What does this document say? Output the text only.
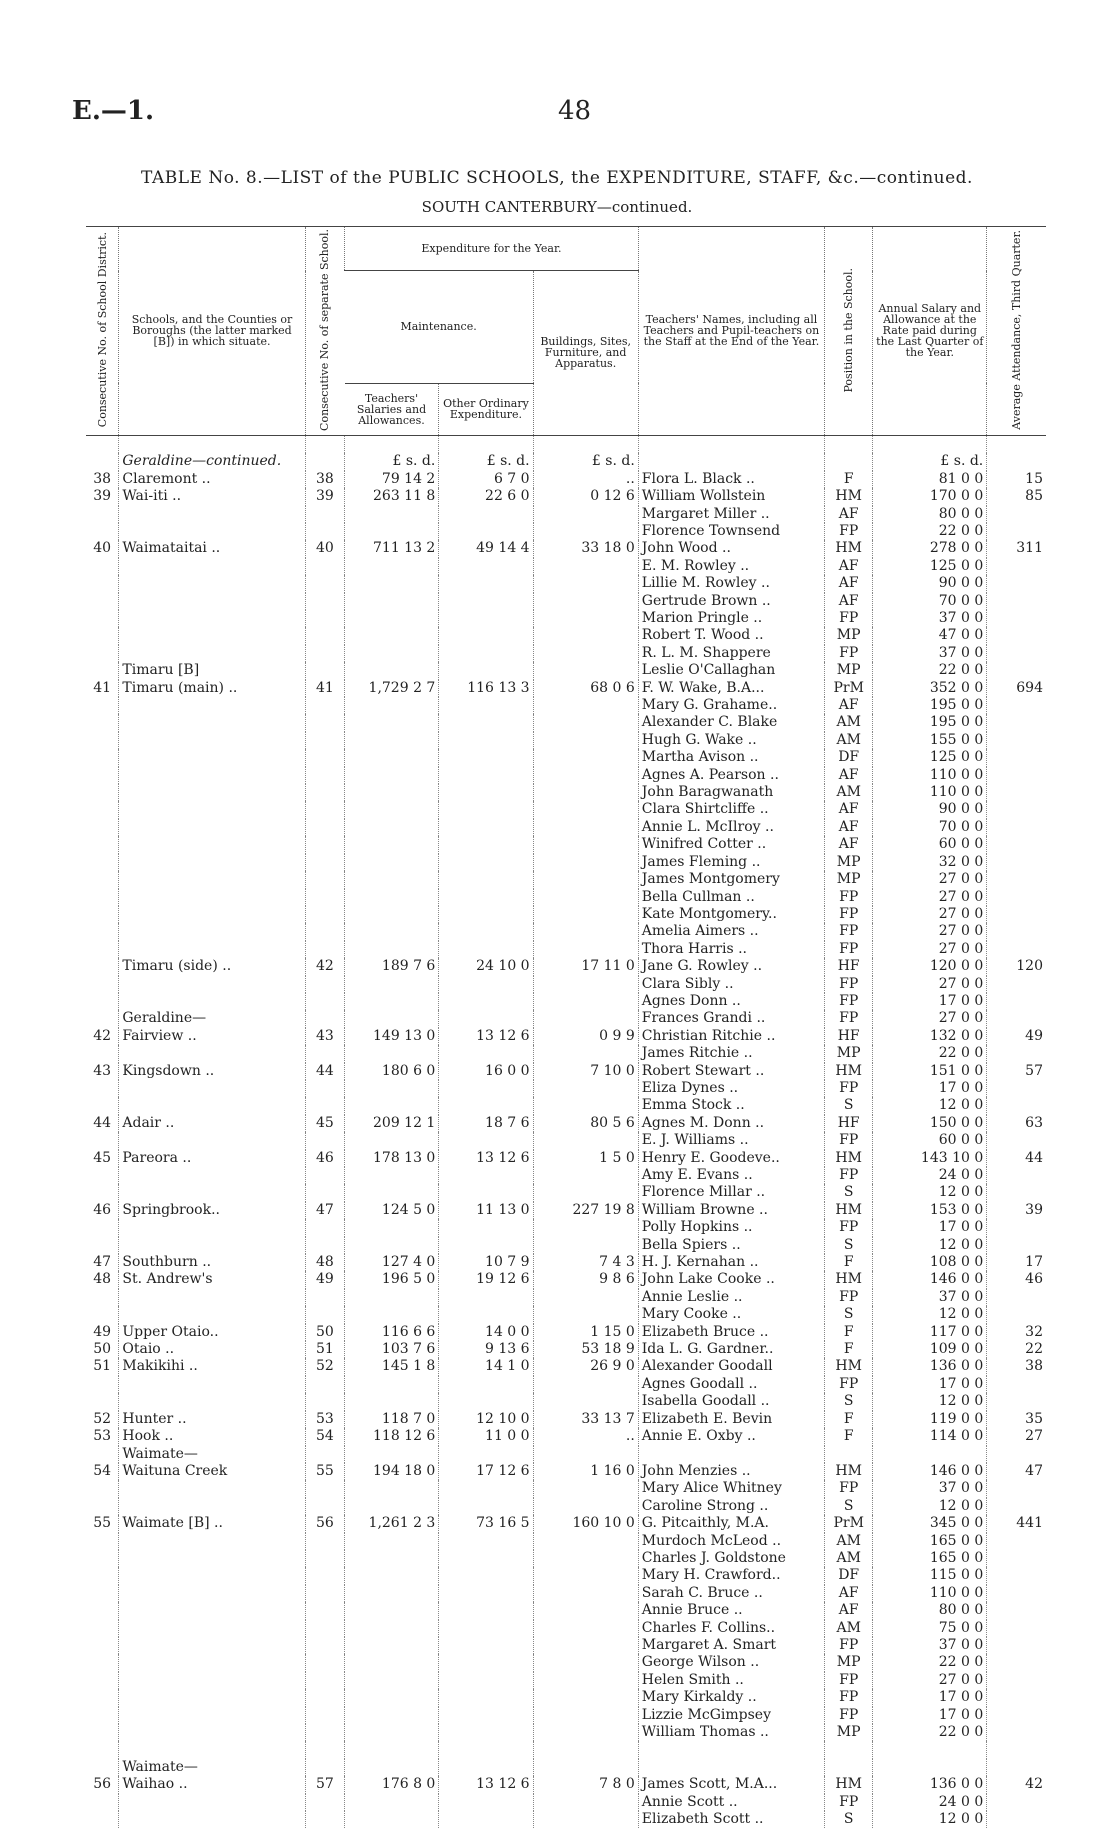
E.—1.	48
TABLE No. 8.—LIST of the PUBLIC SCHOOLS, the EXPENDITURE, STAFF, &c.—continued.
SOUTH CANTERBURY—continued.
Consecutive No. of School District.	Schools, and the Counties or Boroughs (the latter marked [B]) in which situate.	Consecutive No. of separate School.	Expenditure for the Year.			Teachers' Names, including all Teachers and Pupil-teachers on the Staff at the End of the Year.	Position in the School.	Annual Salary and Allowance at the Rate paid during the Last Quarter of the Year.	Average Attendance, Third Quarter.
			Maintenance.		Buildings, Sites, Furniture, and Apparatus.				
			Teachers' Salaries and Allowances.	Other Ordinary Expenditure.					

	Geraldine—continued.		£ s. d.	£ s. d.	£ s. d.			£ s. d.	
38	Claremont ..	38	79 14 2	6 7 0	..	Flora L. Black ..	F	81 0 0	15
39	Wai-iti ..	39	263 11 8	22 6 0	0 12 6	William Wollstein	HM	170 0 0	85
						Margaret Miller ..	AF	80 0 0	
						Florence Townsend	FP	22 0 0	
40	Waimataitai ..	40	711 13 2	49 14 4	33 18 0	John Wood ..	HM	278 0 0	311
						E. M. Rowley ..	AF	125 0 0	
						Lillie M. Rowley ..	AF	90 0 0	
						Gertrude Brown ..	AF	70 0 0	
						Marion Pringle ..	FP	37 0 0	
						Robert T. Wood ..	MP	47 0 0	
						R. L. M. Shappere	FP	37 0 0	
	Timaru [B]					Leslie O'Callaghan	MP	22 0 0	
41	Timaru (main) ..	41	1,729 2 7	116 13 3	68 0 6	F. W. Wake, B.A...	PrM	352 0 0	694
						Mary G. Grahame..	AF	195 0 0	
						Alexander C. Blake	AM	195 0 0	
						Hugh G. Wake ..	AM	155 0 0	
						Martha Avison ..	DF	125 0 0	
						Agnes A. Pearson ..	AF	110 0 0	
						John Baragwanath	AM	110 0 0	
						Clara Shirtcliffe ..	AF	90 0 0	
						Annie L. McIlroy ..	AF	70 0 0	
						Winifred Cotter ..	AF	60 0 0	
						James Fleming ..	MP	32 0 0	
						James Montgomery	MP	27 0 0	
						Bella Cullman ..	FP	27 0 0	
						Kate Montgomery..	FP	27 0 0	
						Amelia Aimers ..	FP	27 0 0	
						Thora Harris ..	FP	27 0 0	
	Timaru (side) ..	42	189 7 6	24 10 0	17 11 0	Jane G. Rowley ..	HF	120 0 0	120
						Clara Sibly ..	FP	27 0 0	
						Agnes Donn ..	FP	17 0 0	
	Geraldine—					Frances Grandi ..	FP	27 0 0	
42	Fairview ..	43	149 13 0	13 12 6	0 9 9	Christian Ritchie ..	HF	132 0 0	49
						James Ritchie ..	MP	22 0 0	
43	Kingsdown ..	44	180 6 0	16 0 0	7 10 0	Robert Stewart ..	HM	151 0 0	57
						Eliza Dynes ..	FP	17 0 0	
						Emma Stock ..	S	12 0 0	
44	Adair ..	45	209 12 1	18 7 6	80 5 6	Agnes M. Donn ..	HF	150 0 0	63
						E. J. Williams ..	FP	60 0 0	
45	Pareora ..	46	178 13 0	13 12 6	1 5 0	Henry E. Goodeve..	HM	143 10 0	44
						Amy E. Evans ..	FP	24 0 0	
						Florence Millar ..	S	12 0 0	
46	Springbrook..	47	124 5 0	11 13 0	227 19 8	William Browne ..	HM	153 0 0	39
						Polly Hopkins ..	FP	17 0 0	
						Bella Spiers ..	S	12 0 0	
47	Southburn ..	48	127 4 0	10 7 9	7 4 3	H. J. Kernahan ..	F	108 0 0	17
48	St. Andrew's	49	196 5 0	19 12 6	9 8 6	John Lake Cooke ..	HM	146 0 0	46
						Annie Leslie ..	FP	37 0 0	
						Mary Cooke ..	S	12 0 0	
49	Upper Otaio..	50	116 6 6	14 0 0	1 15 0	Elizabeth Bruce ..	F	117 0 0	32
50	Otaio ..	51	103 7 6	9 13 6	53 18 9	Ida L. G. Gardner..	F	109 0 0	22
51	Makikihi ..	52	145 1 8	14 1 0	26 9 0	Alexander Goodall	HM	136 0 0	38
						Agnes Goodall ..	FP	17 0 0	
						Isabella Goodall ..	S	12 0 0	
52	Hunter ..	53	118 7 0	12 10 0	33 13 7	Elizabeth E. Bevin	F	119 0 0	35
53	Hook ..	54	118 12 6	11 0 0	..	Annie E. Oxby ..	F	114 0 0	27
	Waimate—								
54	Waituna Creek	55	194 18 0	17 12 6	1 16 0	John Menzies ..	HM	146 0 0	47
						Mary Alice Whitney	FP	37 0 0	
						Caroline Strong ..	S	12 0 0	
55	Waimate [B] ..	56	1,261 2 3	73 16 5	160 10 0	G. Pitcaithly, M.A.	PrM	345 0 0	441
						Murdoch McLeod ..	AM	165 0 0	
						Charles J. Goldstone	AM	165 0 0	
						Mary H. Crawford..	DF	115 0 0	
						Sarah C. Bruce ..	AF	110 0 0	
						Annie Bruce ..	AF	80 0 0	
						Charles F. Collins..	AM	75 0 0	
						Margaret A. Smart	FP	37 0 0	
						George Wilson ..	MP	22 0 0	
						Helen Smith ..	FP	27 0 0	
						Mary Kirkaldy ..	FP	17 0 0	
						Lizzie McGimpsey	FP	17 0 0	
						William Thomas ..	MP	22 0 0	

	Waimate—								
56	Waihao ..	57	176 8 0	13 12 6	7 8 0	James Scott, M.A...	HM	136 0 0	42
						Annie Scott ..	FP	24 0 0	
						Elizabeth Scott ..	S	12 0 0	
